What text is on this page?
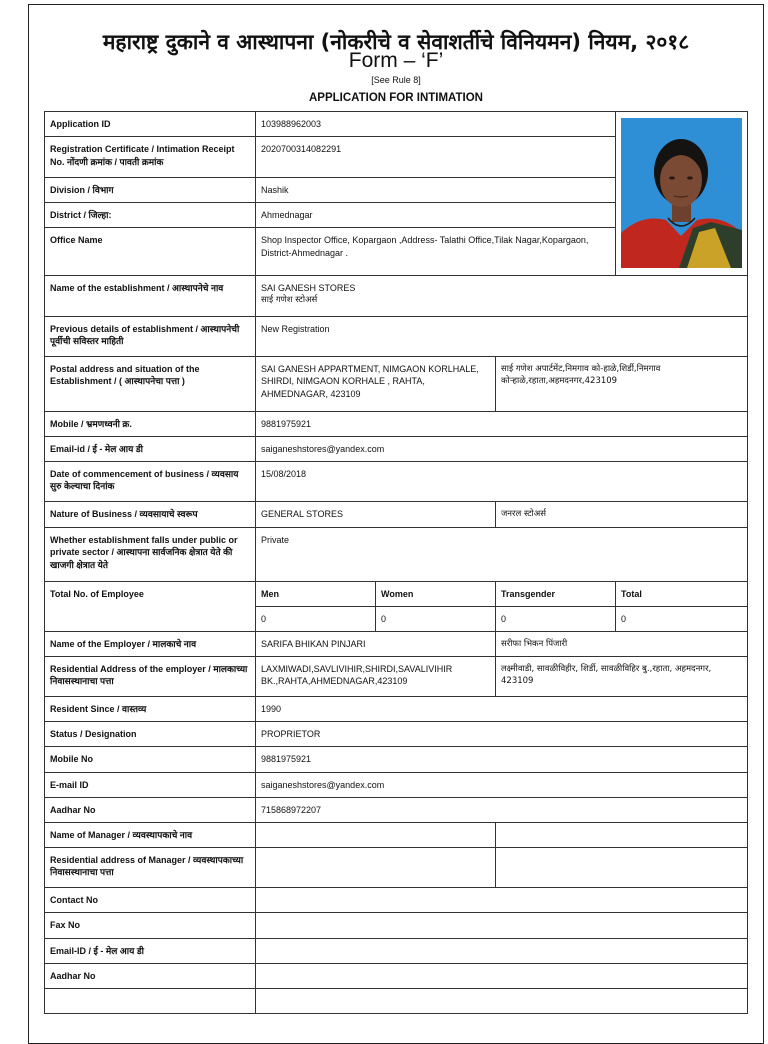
महाराष्ट्र दुकाने व आस्थापना (नोकरीचे व सेवाशर्तीचे विनियमन) नियम, २०१८
Form – ‘F’
[See Rule 8]
APPLICATION FOR INTIMATION
Application ID	103988962003	
Registration Certificate / Intimation Receipt No. नोंदणी क्रमांक / पावती क्रमांक	2020700314082291			
Division / विभाग	Nashik			
District / जिल्हा:	Ahmednagar			
Office Name	Shop Inspector Office, Kopargaon ,Address- Talathi Office,Tilak Nagar,Kopargaon, District-Ahmednagar .			
Name of the establishment / आस्थापनेचे नाव	SAI GANESH STORES
साई गणेश स्टोअर्स			

Previous details of establishment / आस्थापनेची पूर्वीची सविस्तर माहिती	New Registration			
Postal address and situation of the Establishment / ( आस्थापनेचा पत्ता )	SAI GANESH APPARTMENT, NIMGAON KORLHALE, SHIRDI, NIMGAON KORHALE , RAHTA, AHMEDNAGAR, 423109		साई गणेश अपार्टमेंट,निमगाव को-हाळे,शिर्डी,निमगाव कोऱ्हाळे,रहाता,अहमदनगर,423109	
Mobile / भ्रमणध्वनी क्र.	9881975921			
Email-id / ई - मेल आय डी	saiganeshstores@yandex.com			
Date of commencement of business / व्यवसाय सुरु केल्याचा दिनांक	15/08/2018			
Nature of Business / व्यवसायाचे स्वरूप	GENERAL STORES		जनरल स्टोअर्स	
Whether establishment falls under public or private sector / आस्थापना सार्वजनिक क्षेत्रात येते की खाजगी क्षेत्रात येते	Private			
Total No. of Employee	Men	Women	Transgender	Total
	0	0	0	0
Name of the Employer / मालकाचे नाव	SARIFA BHIKAN PINJARI		सरीफा भिकन पिंजारी	
Residential Address of the employer / मालकाच्या निवासस्थानाचा पत्ता	LAXMIWADI,SAVLIVIHIR,SHIRDI,SAVALIVIHIR BK.,RAHTA,AHMEDNAGAR,423109		लक्ष्मीवाडी, सावळीविहीर, शिर्डी, सावळीविहिर बु.,रहाता, अहमदनगर, 423109	
Resident Since / वास्तव्य	1990			
Status / Designation	PROPRIETOR			
Mobile No	9881975921			
E-mail ID	saiganeshstores@yandex.com			
Aadhar No	715868972207			
Name of Manager / व्यवस्थापकाचे नाव				
Residential address of Manager / व्यवस्थापकाच्या निवासस्थानाचा पत्ता				
Contact No				
Fax No				
Email-ID / ई - मेल आय डी				
Aadhar No				
